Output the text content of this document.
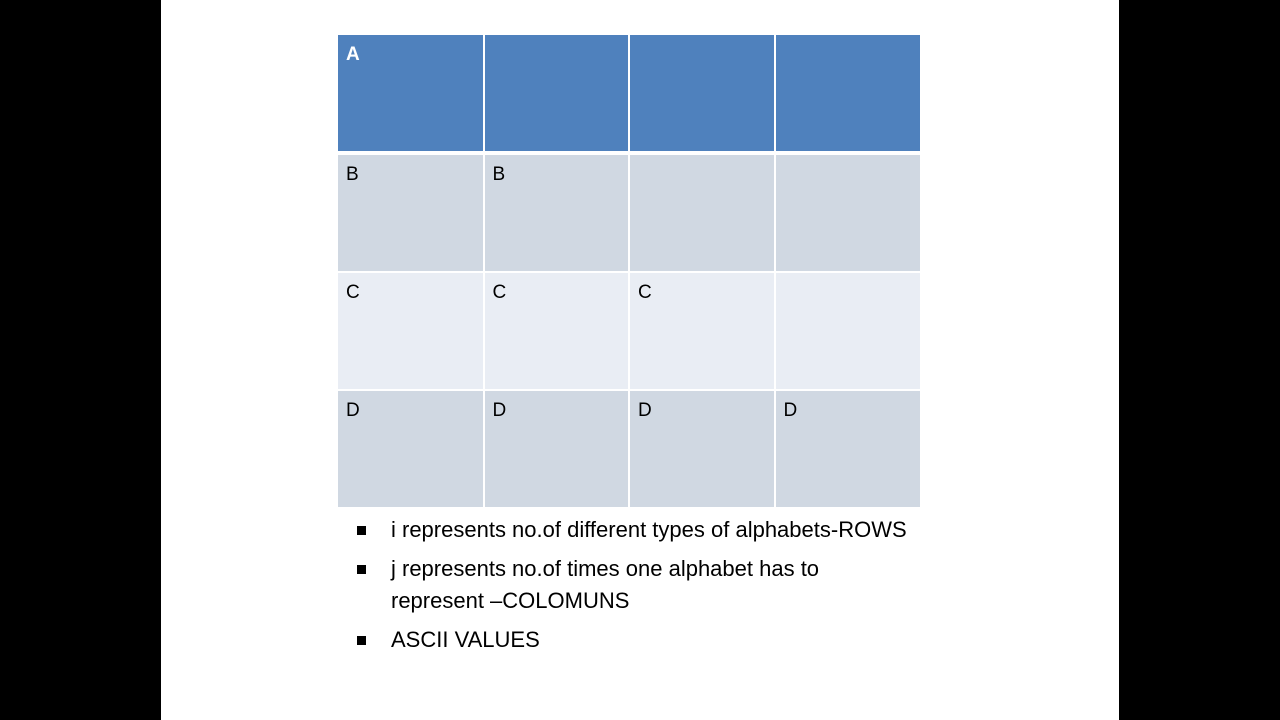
A			
B	B		
C	C	C	
D	D	D	D
i represents no.of different types of alphabets-ROWS
j represents no.of times one alphabet has to represent –COLOMUNS
ASCII VALUES
